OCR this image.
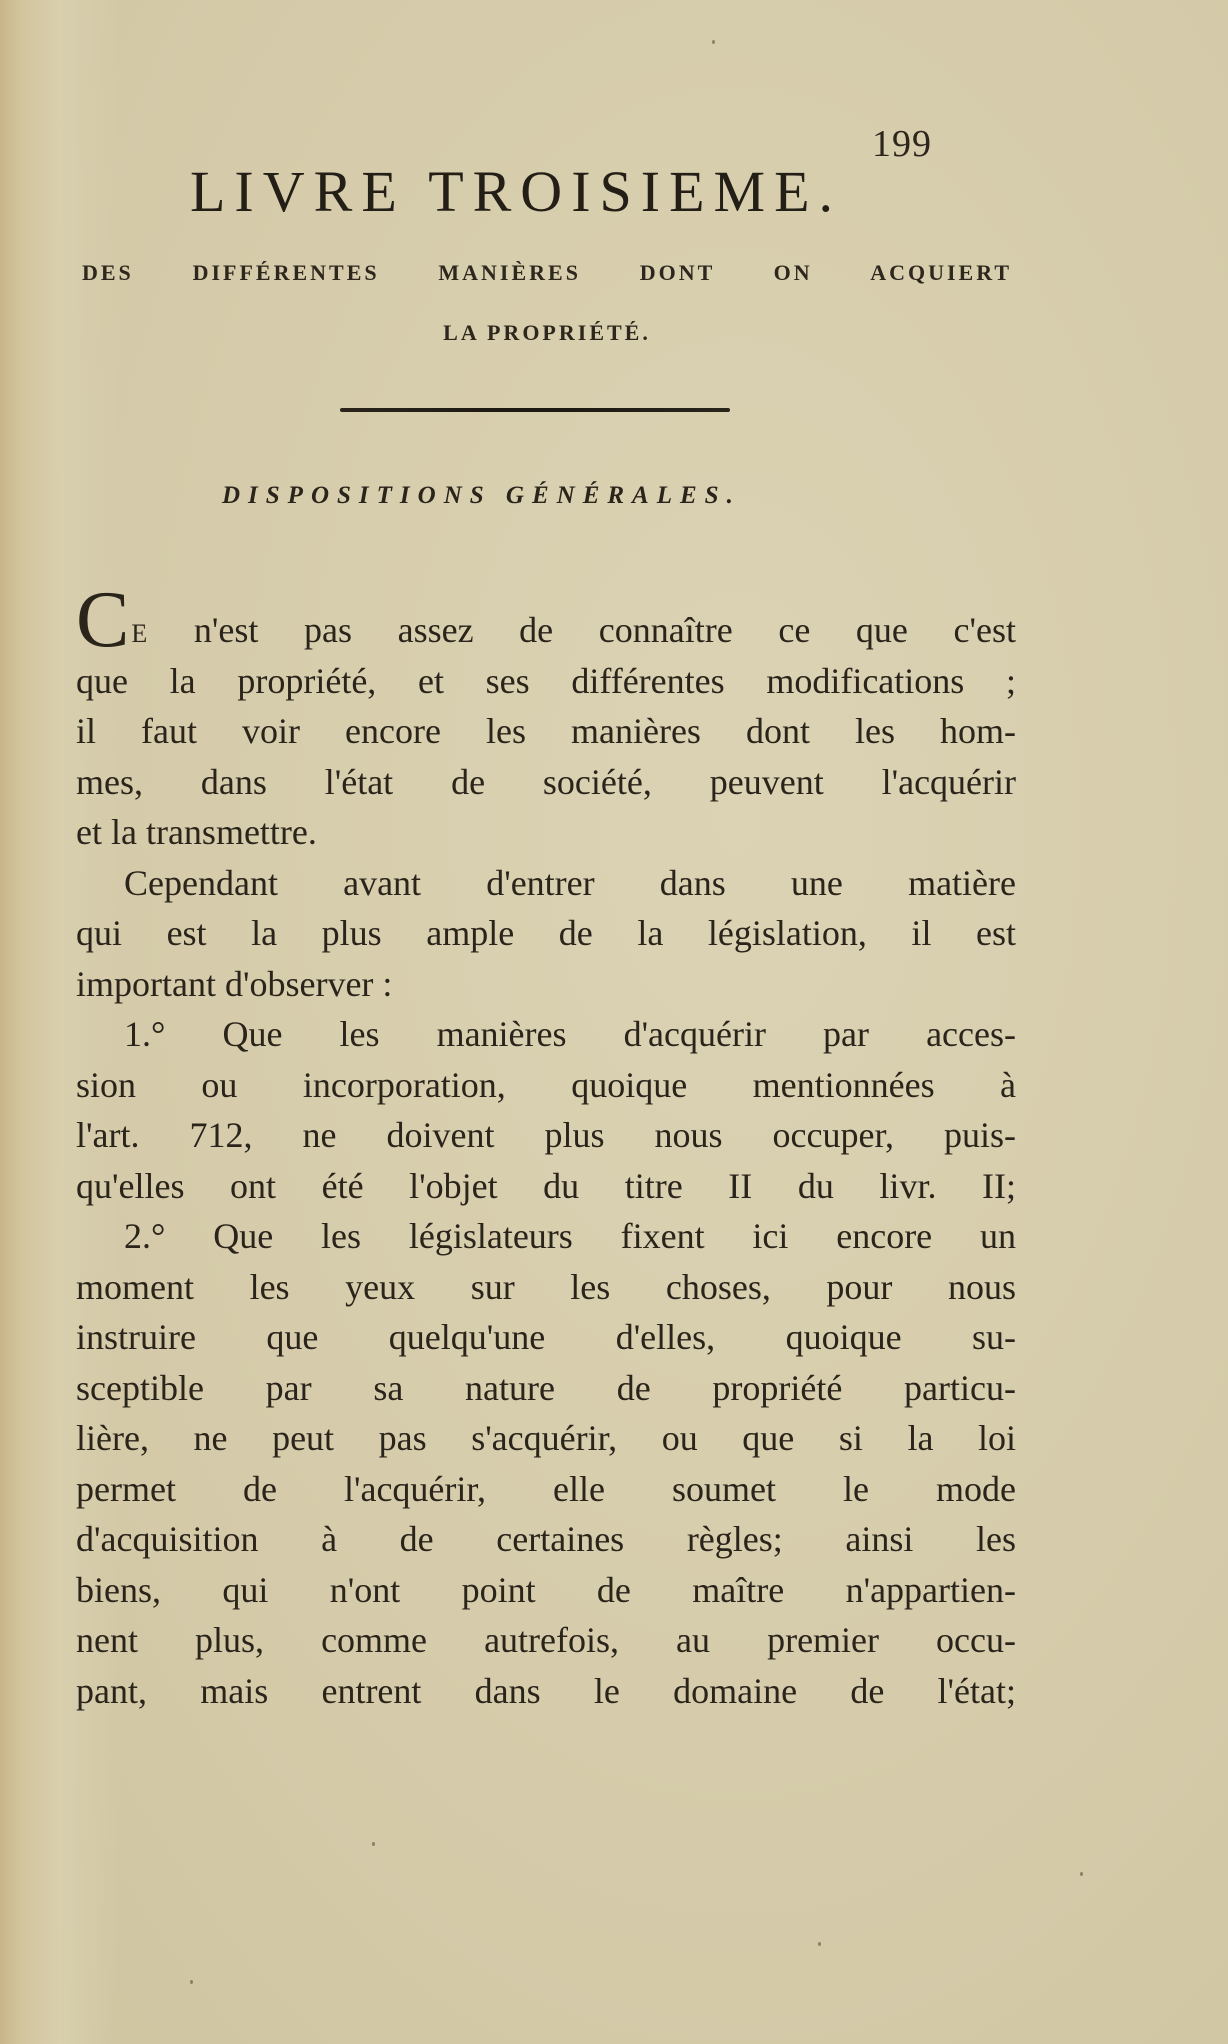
199
LIVRE TROISIEME.
DES DIFFÉRENTES MANIÈRES DONT ON ACQUIERT
LA PROPRIÉTÉ.
DISPOSITIONS GÉNÉRALES.
C E n'est pas assez de connaître ce que c'est
que la propriété, et ses différentes modifications ;
il faut voir encore les manières dont les hom-
mes, dans l'état de société, peuvent l'acquérir
et la transmettre.
Cependant avant d'entrer dans une matière
qui est la plus ample de la législation, il est
important d'observer :
1.° Que les manières d'acquérir par acces-
sion ou incorporation, quoique mentionnées à
l'art. 712, ne doivent plus nous occuper, puis-
qu'elles ont été l'objet du titre II du livr. II;
2.° Que les législateurs fixent ici encore un
moment les yeux sur les choses, pour nous
instruire que quelqu'une d'elles, quoique su-
sceptible par sa nature de propriété particu-
lière, ne peut pas s'acquérir, ou que si la loi
permet de l'acquérir, elle soumet le mode
d'acquisition à de certaines règles; ainsi les
biens, qui n'ont point de maître n'appartien-
nent plus, comme autrefois, au premier occu-
pant, mais entrent dans le domaine de l'état;
